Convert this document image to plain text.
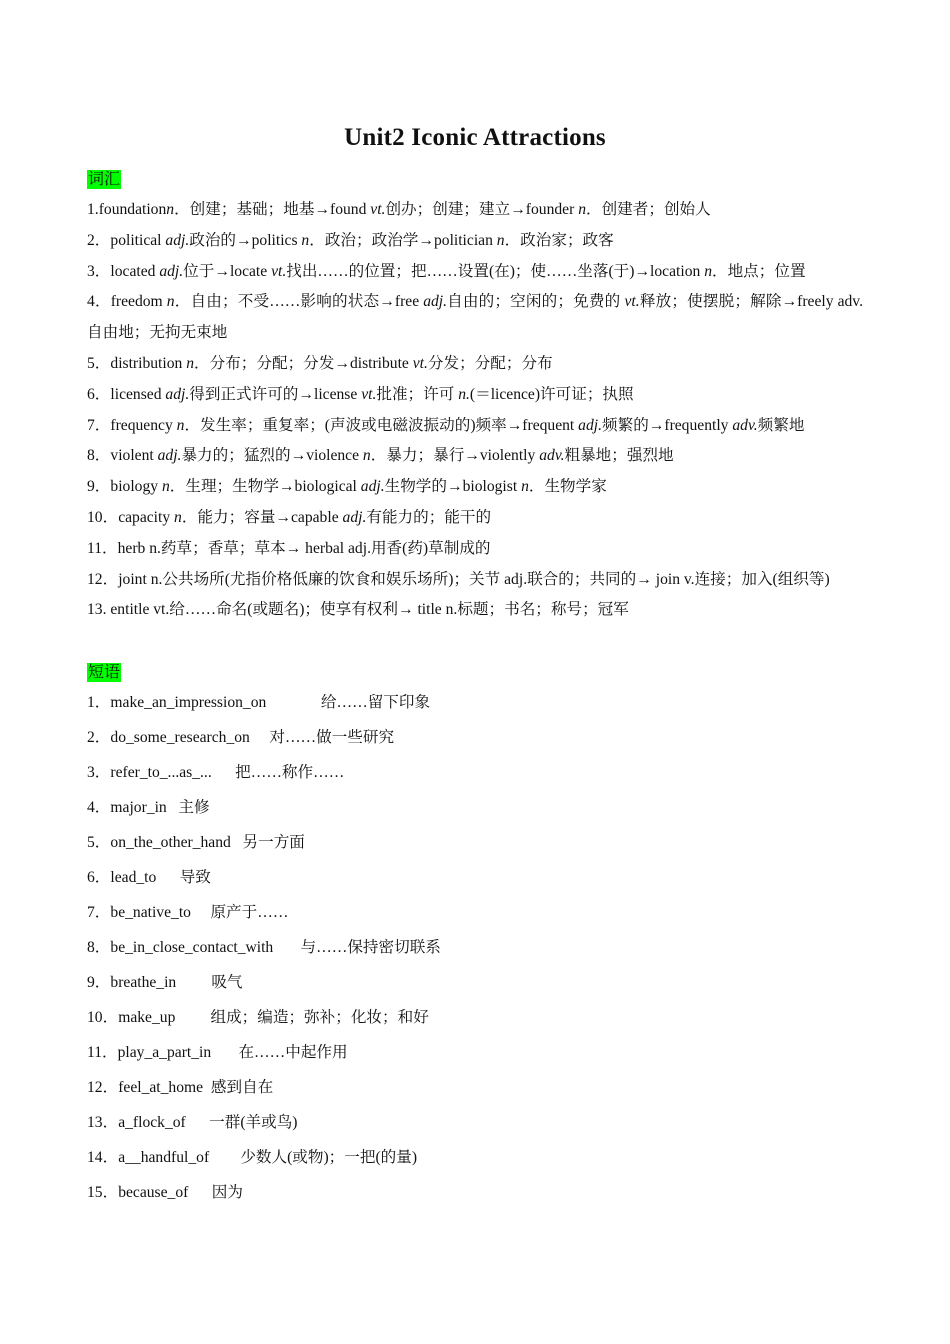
Unit2 Iconic Attractions
词汇

1.foundationn．创建；基础；地基→found vt.创办；创建；建立→founder n．创建者；创始人

2．political adj.政治的→politics n．政治；政治学→politician n．政治家；政客

3．located adj.位于→locate vt.找出……的位置；把……设置(在)；使……坐落(于)→location n．地点；位置

4．freedom n．自由；不受……影响的状态→free adj.自由的；空闲的；免费的 vt.释放；使摆脱；解除→freely adv.自由地；无拘无束地

5．distribution n．分布；分配；分发→distribute vt.分发；分配；分布

6．licensed adj.得到正式许可的→license vt.批准；许可 n.(＝licence)许可证；执照

7．frequency n．发生率；重复率；(声波或电磁波振动的)频率→frequent adj.频繁的→frequently adv.频繁地

8．violent adj.暴力的；猛烈的→violence n．暴力；暴行→violently adv.粗暴地；强烈地

9．biology n．生理；生物学→biological adj.生物学的→biologist n．生物学家

10．capacity n．能力；容量→capable adj.有能力的；能干的

11．herb n.药草；香草；草本→ herbal adj.用香(药)草制成的

12．joint n.公共场所(尤指价格低廉的饮食和娱乐场所)；关节 adj.联合的；共同的→ join v.连接；加入(组织等)

13. entitle vt.给……命名(或题名)；使享有权利→ title n.标题；书名；称号；冠军

短语
1．make_an_impression_on	给……留下印象
2．do_some_research_on 对……做一些研究
3．refer_to_...as_... 把……称作……
4．major_in 主修
5．on_the_other_hand 另一方面
6．lead_to 导致
7．be_native_to 原产于……
8．be_in_close_contact_with 与……保持密切联系
9．breathe_in 吸气
10．make_up 组成；编造；弥补；化妆；和好
11．play_a_part_in 在……中起作用
12．feel_at_home 感到自在
13．a_flock_of 一群(羊或鸟)
14．a__handful_of 少数人(或物)；一把(的量)
15．because_of 因为
